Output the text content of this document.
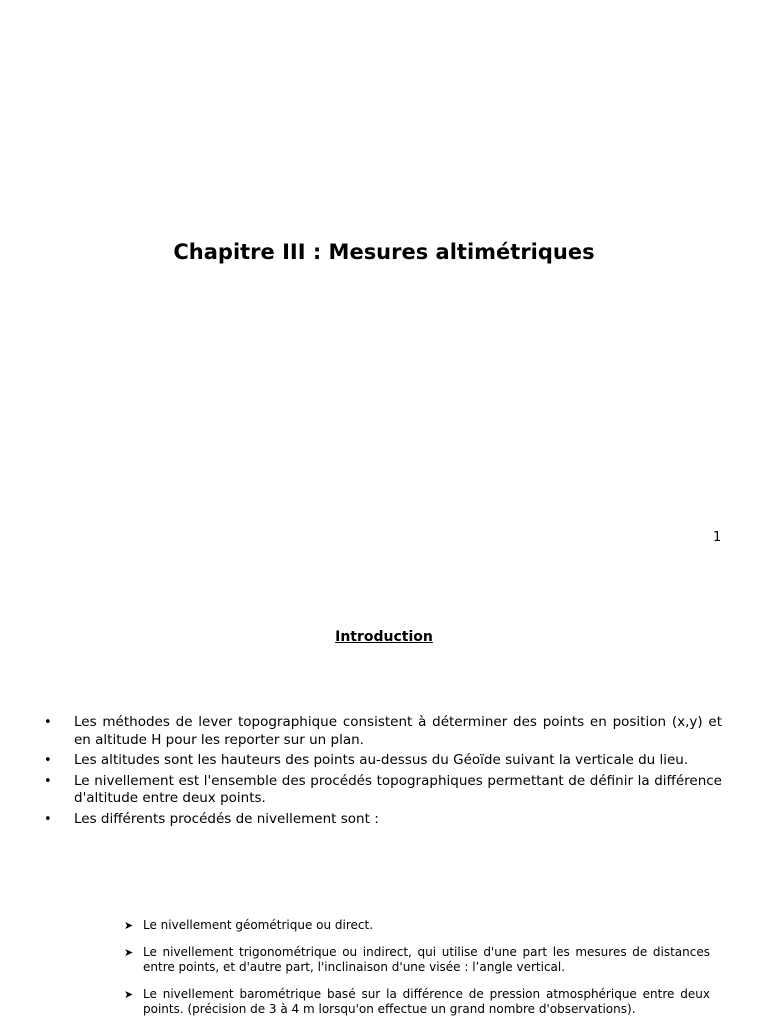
Chapitre III : Mesures altimétriques
1
Introduction
• Les méthodes de lever topographique consistent à déterminer des points en position (x,y) et en altitude H pour les reporter sur un plan.
• Les altitudes sont les hauteurs des points au-dessus du Géoïde suivant la verticale du lieu.
• Le nivellement est l'ensemble des procédés topographiques permettant de définir la différence d'altitude entre deux points.
• Les différents procédés de nivellement sont :
➤ Le nivellement géométrique ou direct.
➤ Le nivellement trigonométrique ou indirect, qui utilise d'une part les mesures de distances entre points, et d'autre part, l'inclinaison d'une visée : l’angle vertical.
➤ Le nivellement barométrique basé sur la différence de pression atmosphérique entre deux points. (précision de 3 à 4 m lorsqu'on effectue un grand nombre d'observations).
